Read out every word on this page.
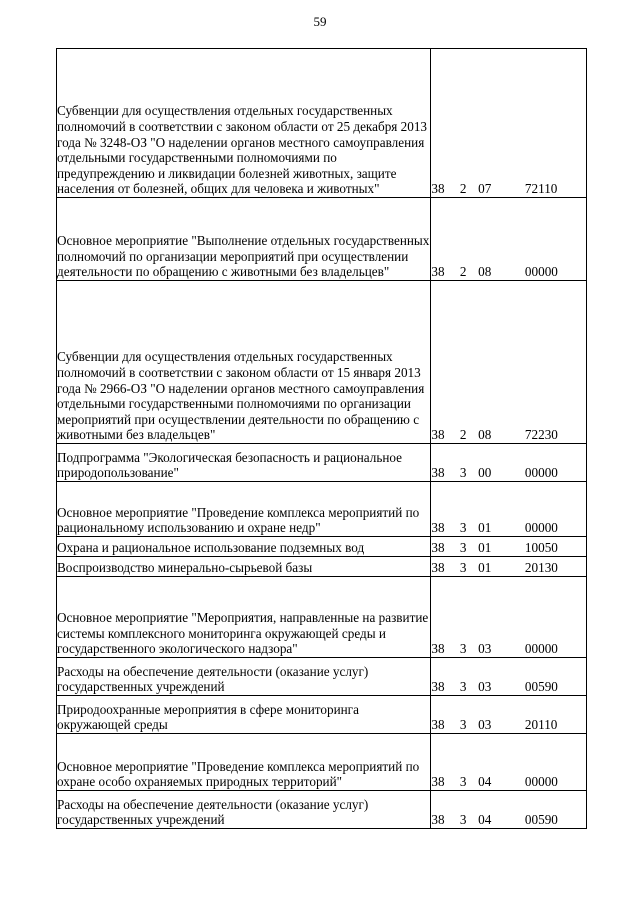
59
Субвенции для осуществления отдельных государственных полномочий в соответствии с законом области от 25 декабря 2013 года № 3248-ОЗ "О наделении органов местного самоуправления отдельными государственными полномочиями по предупреждению и ликвидации болезней животных, защите населения от болезней, общих для человека и животных"	38	2	07	72110
Основное мероприятие "Выполнение отдельных государственных полномочий по организации мероприятий при осуществлении деятельности по обращению с животными без владельцев"	38	2	08	00000
Субвенции для осуществления отдельных государственных полномочий в соответствии с законом области от 15 января 2013 года № 2966-ОЗ "О наделении органов местного самоуправления отдельными государственными полномочиями по организации мероприятий при осуществлении деятельности по обращению с животными без владельцев"	38	2	08	72230
Подпрограмма "Экологическая безопасность и рациональное природопользование"	38	3	00	00000
Основное мероприятие "Проведение комплекса мероприятий по рациональному использованию и охране недр"	38	3	01	00000
Охрана и рациональное использование подземных вод	38	3	01	10050
Воспроизводство минерально-сырьевой базы	38	3	01	20130
Основное мероприятие "Мероприятия, направленные на развитие системы комплексного мониторинга окружающей среды и государственного экологического надзора"	38	3	03	00000
Расходы на обеспечение деятельности (оказание услуг) государственных учреждений	38	3	03	00590
Природоохранные мероприятия в сфере мониторинга окружающей среды	38	3	03	20110
Основное мероприятие "Проведение комплекса мероприятий по охране особо охраняемых природных территорий"	38	3	04	00000
Расходы на обеспечение деятельности (оказание услуг) государственных учреждений	38	3	04	00590
